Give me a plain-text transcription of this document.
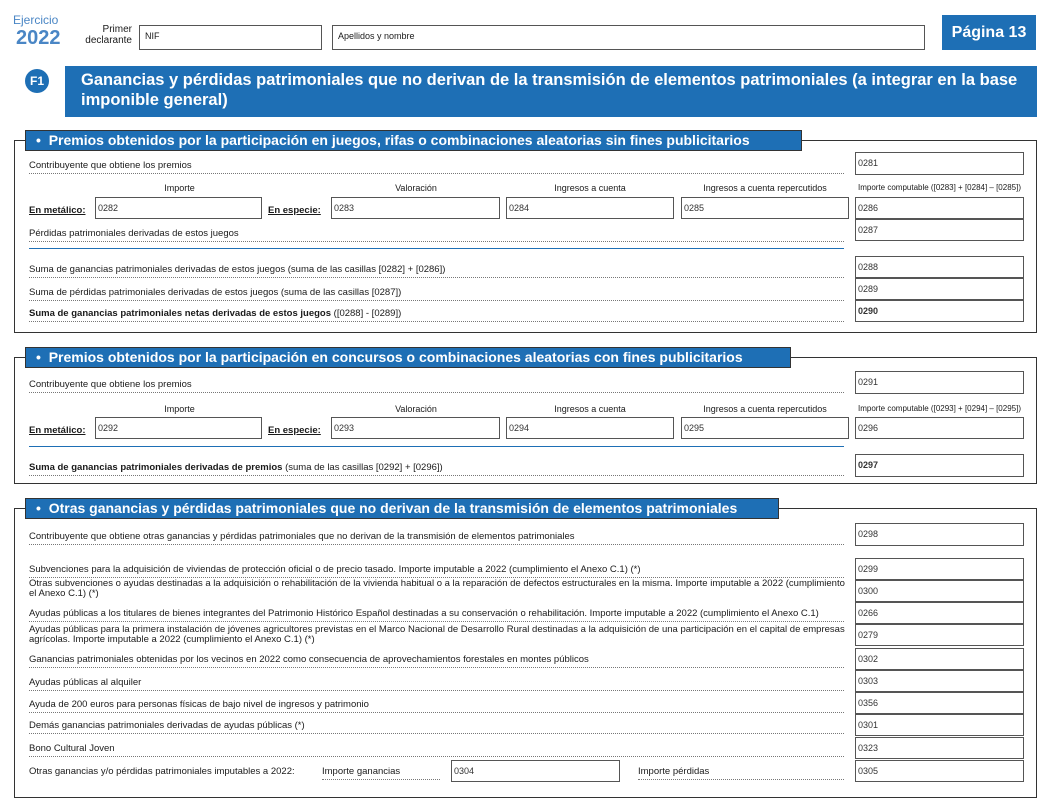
Ejercicio
2022	Primer declarante NIF	Apellidos y nombre	Página 13
F1	Ganancias y pérdidas patrimoniales que no derivan de la transmisión de elementos patrimoniales (a integrar en la base imponible general)
•  Premios obtenidos por la participación en juegos, rifas o combinaciones aleatorias sin fines publicitarios
Contribuyente que obtiene los premios	0281
Importe	Valoración	Ingresos a cuenta	Ingresos a cuenta repercutidos	Importe computable ([0283] + [0284] – [0285])
En metálico:	0282	En especie:	0283	0284	0285	0286
Pérdidas patrimoniales derivadas de estos juegos	0287
Suma de ganancias patrimoniales derivadas de estos juegos (suma de las casillas [0282] + [0286])	0288
Suma de pérdidas patrimoniales derivadas de estos juegos (suma de las casillas [0287])	0289
Suma de ganancias patrimoniales netas derivadas de estos juegos ([0288] - [0289])	0290
•  Premios obtenidos por la participación en concursos o combinaciones aleatorias con fines publicitarios
Contribuyente que obtiene los premios	0291
Importe	Valoración	Ingresos a cuenta	Ingresos a cuenta repercutidos	Importe computable ([0293] + [0294] – [0295])
En metálico:	0292	En especie:	0293	0294	0295	0296
Suma de ganancias patrimoniales derivadas de premios (suma de las casillas [0292] + [0296])	0297
•  Otras ganancias y pérdidas patrimoniales que no derivan de la transmisión de elementos patrimoniales
Contribuyente que obtiene otras ganancias y pérdidas patrimoniales que no derivan de la transmisión de elementos patrimoniales	0298
Subvenciones para la adquisición de viviendas de protección oficial o de precio tasado. Importe imputable a 2022 (cumplimiento el Anexo C.1) (*)	0299
Otras subvenciones o ayudas destinadas a la adquisición o rehabilitación de la vivienda habitual o a la reparación de defectos estructurales en la misma. Importe imputable a 2022 (cumplimiento el Anexo C.1) (*)	0300
Ayudas públicas a los titulares de bienes integrantes del Patrimonio Histórico Español destinadas a su conservación o rehabilitación. Importe imputable a 2022 (cumplimiento el Anexo C.1)	0266
Ayudas públicas para la primera instalación de jóvenes agricultores previstas en el Marco Nacional de Desarrollo Rural destinadas a la adquisición de una participación en el capital de empresas agrícolas. Importe imputable a 2022 (cumplimiento el Anexo C.1) (*)	0279
Ganancias patrimoniales obtenidas por los vecinos en 2022 como consecuencia de aprovechamientos forestales en montes públicos	0302
Ayudas públicas al alquiler	0303
Ayuda de 200 euros para personas físicas de bajo nivel de ingresos y patrimonio	0356
Demás ganancias patrimoniales derivadas de ayudas públicas (*)	0301
Bono Cultural Joven	0323
Otras ganancias y/o pérdidas patrimoniales imputables a 2022:	Importe ganancias	0304	Importe pérdidas	0305
